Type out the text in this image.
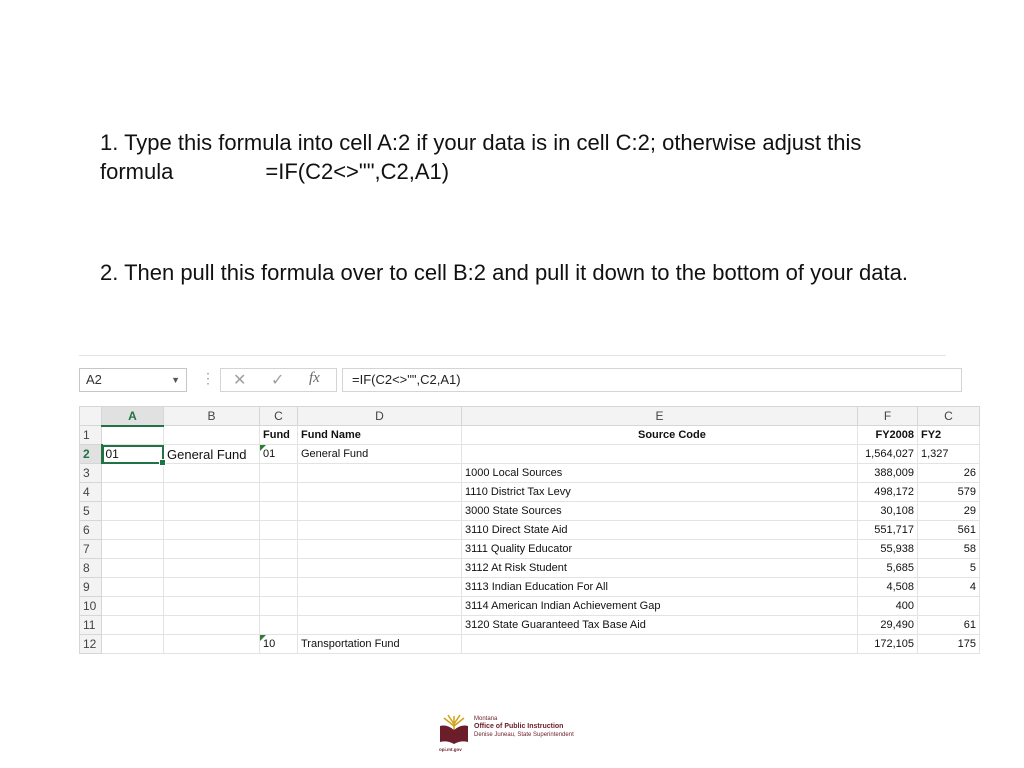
1. Type this formula into cell A:2 if your data is in cell C:2; otherwise adjust this formula	=IF(C2<>"",C2,A1)

2. Then pull this formula over to cell B:2 and pull it down to the bottom of your data.

A2	▼ ⋮ ✕ ✓ fx	=IF(C2<>"",C2,A1)
	A	B	C	D	E	F	C
1			Fund	Fund Name	Source Code	FY2008	FY2
2	01	General Fund	01	General Fund		1,564,027	1,327
3					1000 Local Sources	388,009	26
4					1110 District Tax Levy	498,172	579
5					3000 State Sources	30,108	29
6					3110 Direct State Aid	551,717	561
7					3111 Quality Educator	55,938	58
8					3112 At Risk Student	5,685	5
9					3113 Indian Education For All	4,508	4
10					3114 American Indian Achievement Gap	400	
11					3120 State Guaranteed Tax Base Aid	29,490	61
12			10	Transportation Fund		172,105	175
Montana
Office of Public Instruction
Denise Juneau, State Superintendent
opi.mt.gov
